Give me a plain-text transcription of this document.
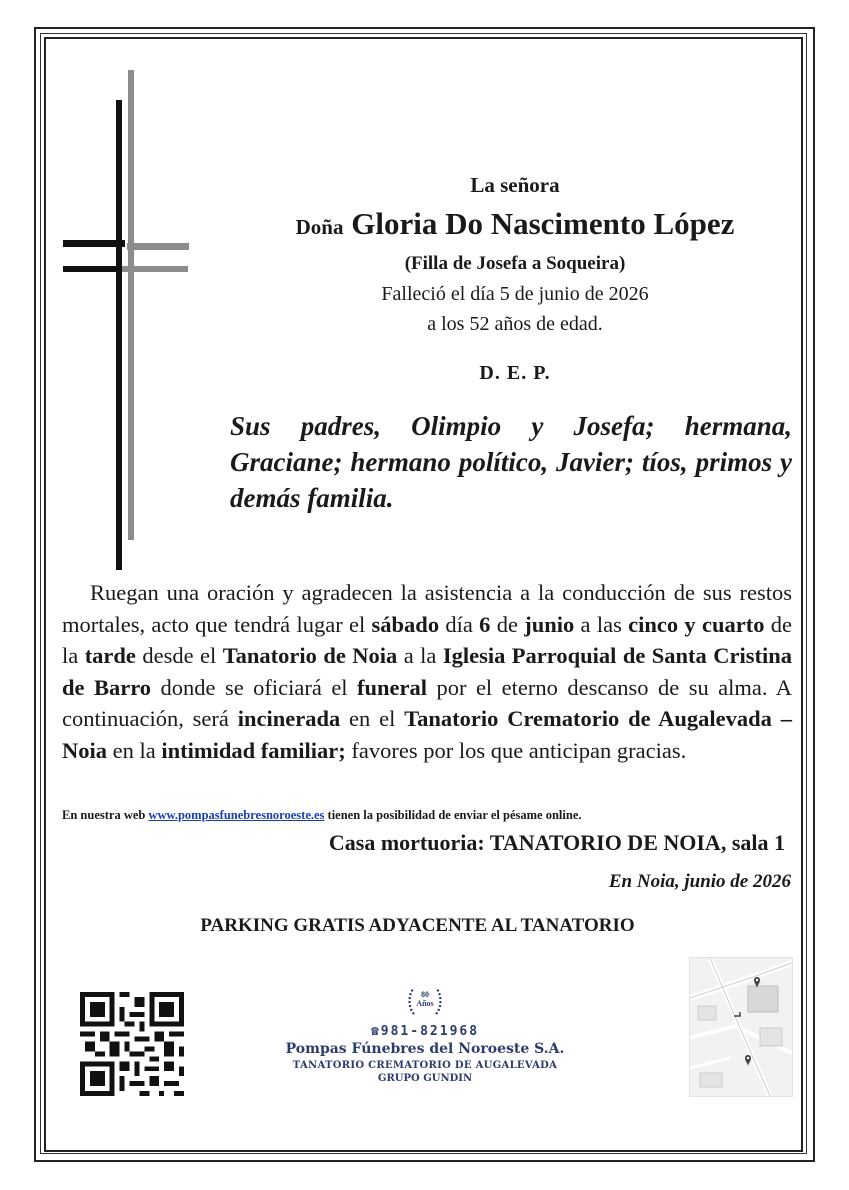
La señora
Doña Gloria Do Nascimento López
(Filla de Josefa a Soqueira)
Falleció el día 5 de junio de 2026
a los 52 años de edad.
D. E. P.
Sus padres, Olimpio y Josefa; hermana, Graciane; hermano político, Javier; tíos, primos y demás familia.
Ruegan una oración y agradecen la asistencia a la conducción de sus restos mortales, acto que tendrá lugar el sábado día 6 de junio a las cinco y cuarto de la tarde desde el Tanatorio de Noia a la Iglesia Parroquial de Santa Cristina de Barro donde se oficiará el funeral por el eterno descanso de su alma. A continuación, será incinerada en el Tanatorio Crematorio de Augalevada – Noia en la intimidad familiar; favores por los que anticipan gracias.
En nuestra web www.pompasfunebresnoroeste.es tienen la posibilidad de enviar el pésame online.
Casa mortuoria: TANATORIO DE NOIA, sala 1
En Noia, junio de 2026
PARKING GRATIS ADYACENTE AL TANATORIO
80
Años
☎981-821968
Pompas Fúnebres del Noroeste S.A.
TANATORIO CREMATORIO DE AUGALEVADA
GRUPO GUNDIN
